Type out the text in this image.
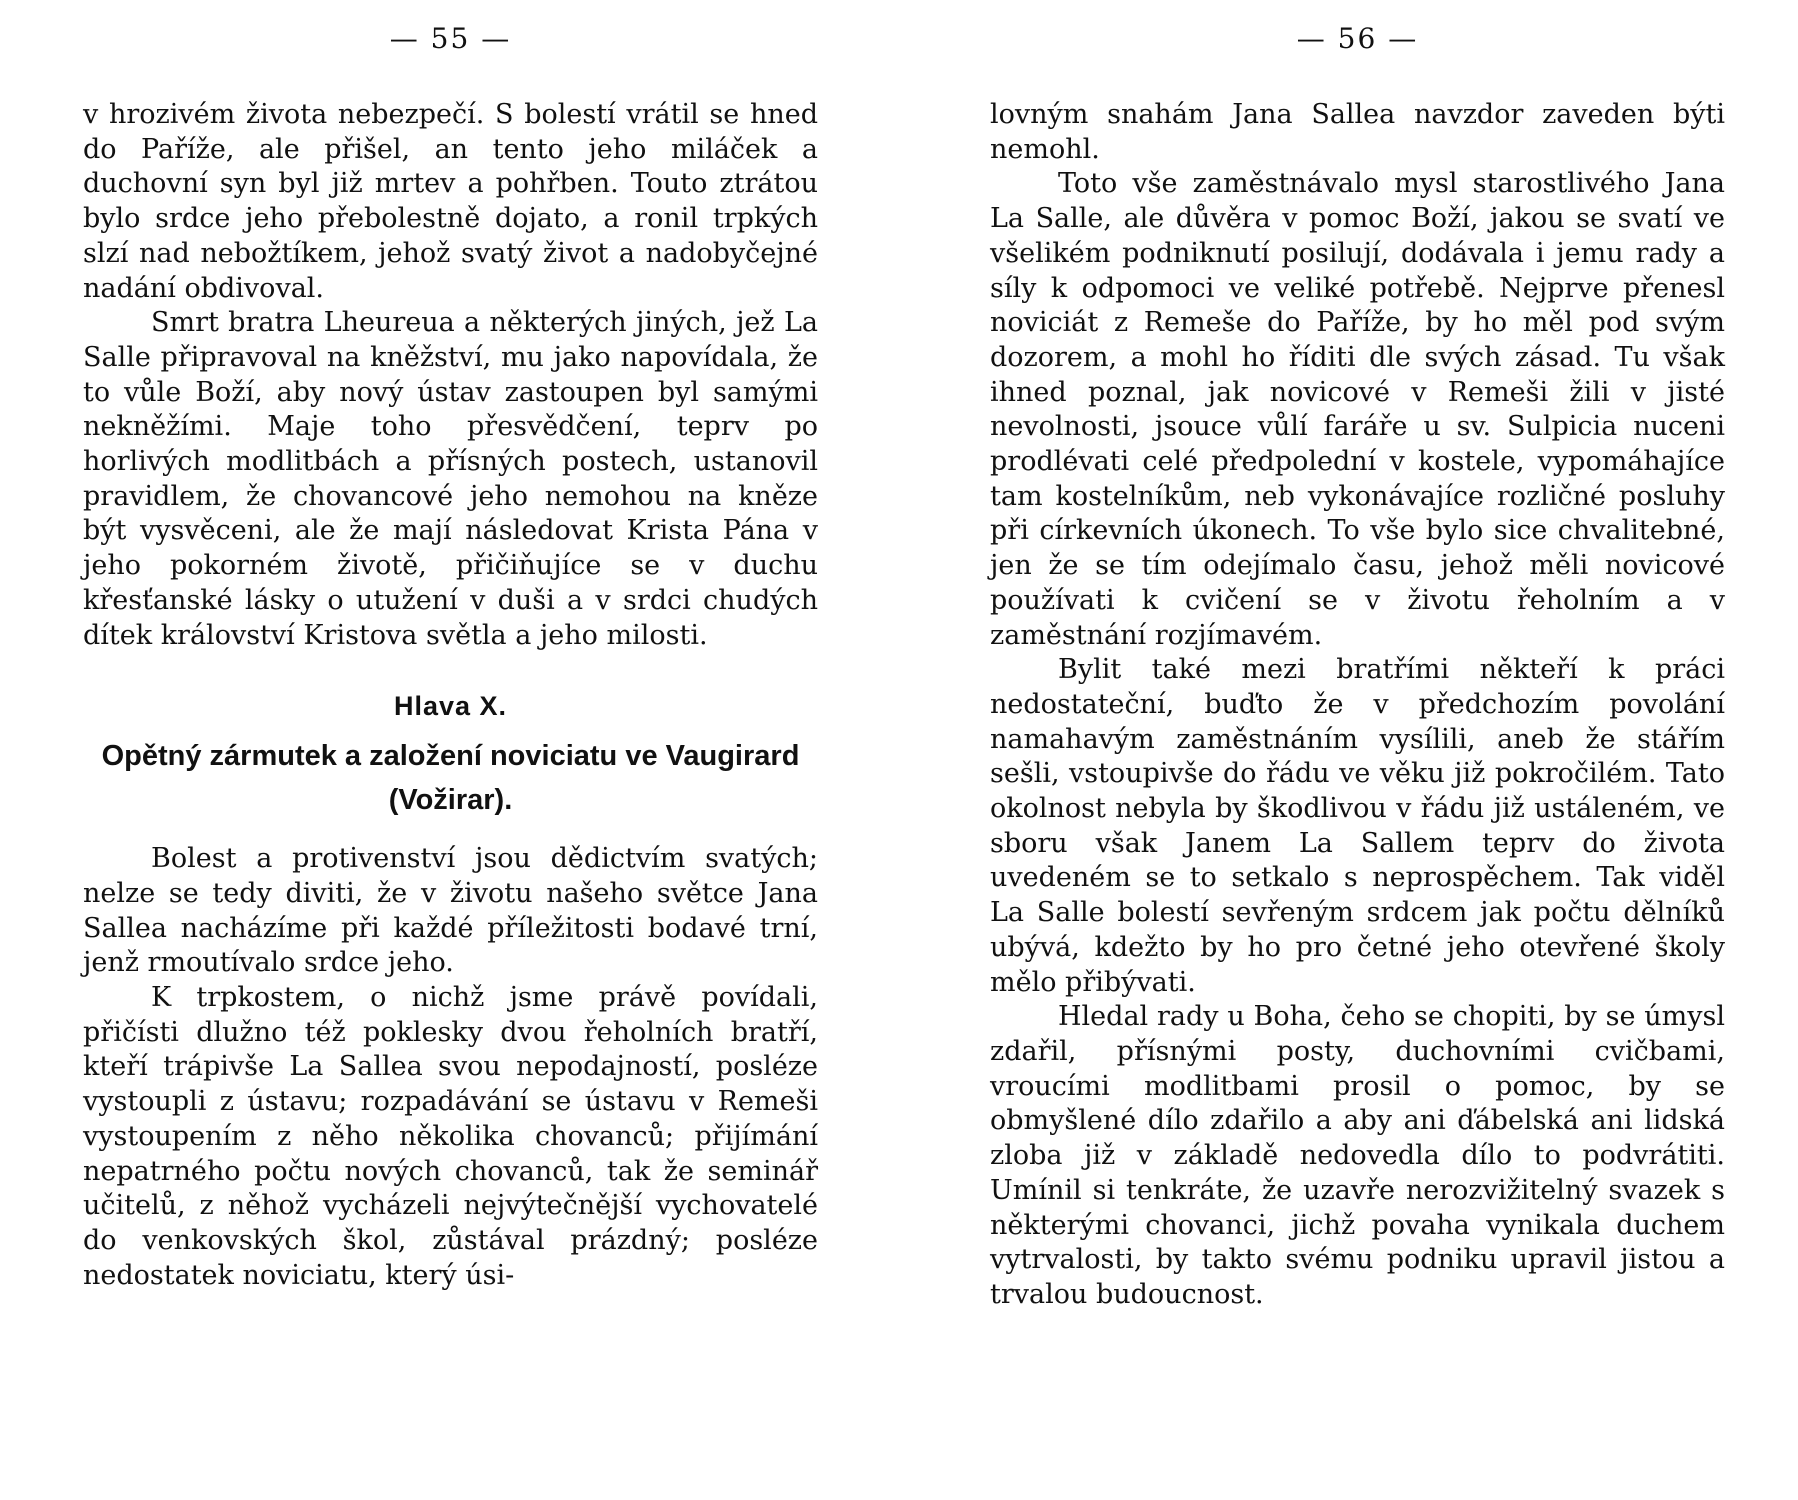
— 55 —

v hrozivém života nebezpečí. S bolestí vrátil se hned do Paříže, ale přišel, an tento jeho miláček a duchovní syn byl již mrtev a pohřben. Touto ztrátou bylo srdce jeho přebolestně dojato, a ronil trpkých slzí nad nebožtíkem, jehož svatý život a nadobyčejné nadání obdivoval.

Smrt bratra Lheureua a některých jiných, jež La Salle připravoval na kněžství, mu jako napovídala, že to vůle Boží, aby nový ústav zastoupen byl samými nekněžími. Maje toho přesvědčení, teprv po horlivých modlitbách a přísných postech, ustanovil pravidlem, že chovancové jeho nemohou na kněze být vysvěceni, ale že mají následovat Krista Pána v jeho pokorném životě, přičiňujíce se v duchu křesťanské lásky o utužení v duši a v srdci chudých dítek království Kristova světla a jeho milosti.

Hlava X.
Opětný zármutek a založení noviciatu ve Vaugirard (Vožirar).

Bolest a protivenství jsou dědictvím svatých; nelze se tedy diviti, že v životu našeho světce Jana Sallea nacházíme při každé příležitosti bodavé trní, jenž rmoutívalo srdce jeho.

K trpkostem, o nichž jsme právě povídali, přičísti dlužno též poklesky dvou řeholních bratří, kteří trápivše La Sallea svou nepodajností, posléze vystoupli z ústavu; rozpadávání se ústavu v Remeši vystoupením z něho několika chovanců; přijímání nepatrného počtu nových chovanců, tak že seminář učitelů, z něhož vycházeli nejvýtečnější vychovatelé do venkovských škol, zůstával prázdný; posléze nedostatek noviciatu, který úsi-

— 56 —

lovným snahám Jana Sallea navzdor zaveden býti nemohl.

Toto vše zaměstnávalo mysl starostlivého Jana La Salle, ale důvěra v pomoc Boží, jakou se svatí ve všelikém podniknutí posilují, dodávala i jemu rady a síly k odpomoci ve veliké potřebě. Nejprve přenesl noviciát z Remeše do Paříže, by ho měl pod svým dozorem, a mohl ho říditi dle svých zásad. Tu však ihned poznal, jak novicové v Remeši žili v jisté nevolnosti, jsouce vůlí faráře u sv. Sulpicia nuceni prodlévati celé předpolední v kostele, vypomáhajíce tam kostelníkům, neb vykonávajíce rozličné posluhy při církevních úkonech. To vše bylo sice chvalitebné, jen že se tím odejímalo času, jehož měli novicové používati k cvičení se v životu řeholním a v zaměstnání rozjímavém.

Bylit také mezi bratřími někteří k práci nedostateční, buďto že v předchozím povolání namahavým zaměstnáním vysílili, aneb že stářím sešli, vstoupivše do řádu ve věku již pokročilém. Tato okolnost nebyla by škodlivou v řádu již ustáleném, ve sboru však Janem La Sallem teprv do života uvedeném se to setkalo s neprospěchem. Tak viděl La Salle bolestí sevřeným srdcem jak počtu dělníků ubývá, kdežto by ho pro četné jeho otevřené školy mělo přibývati.

Hledal rady u Boha, čeho se chopiti, by se úmysl zdařil, přísnými posty, duchovními cvičbami, vroucími modlitbami prosil o pomoc, by se obmyšlené dílo zdařilo a aby ani ďábelská ani lidská zloba již v základě nedovedla dílo to podvrátiti. Umínil si tenkráte, že uzavře nerozvižitelný svazek s některými chovanci, jichž povaha vynikala duchem vytrvalosti, by takto svému podniku upravil jistou a trvalou budoucnost.
